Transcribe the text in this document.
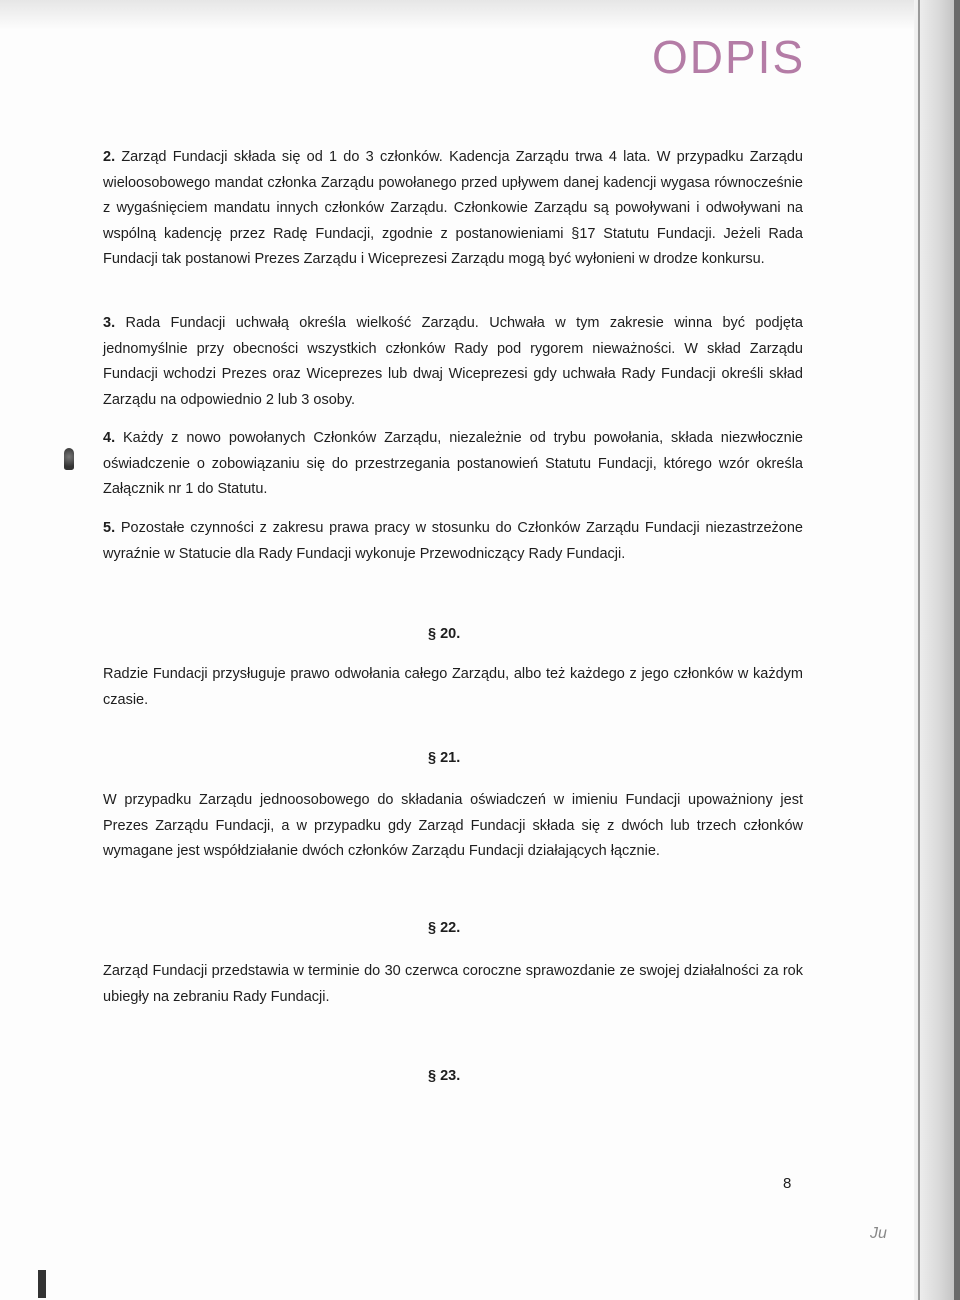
ODPIS

2. Zarząd Fundacji składa się od 1 do 3 członków. Kadencja Zarządu trwa 4 lata. W przypadku Zarządu wieloosobowego mandat członka Zarządu powołanego przed upływem danej kadencji wygasa równocześnie z wygaśnięciem mandatu innych członków Zarządu. Członkowie Zarządu są powoływani i odwoływani na wspólną kadencję przez Radę Fundacji, zgodnie z postanowieniami §17 Statutu Fundacji. Jeżeli Rada Fundacji tak postanowi Prezes Zarządu i Wiceprezesi Zarządu mogą być wyłonieni w drodze konkursu.

3. Rada Fundacji uchwałą określa wielkość Zarządu. Uchwała w tym zakresie winna być podjęta jednomyślnie przy obecności wszystkich członków Rady pod rygorem nieważności. W skład Zarządu Fundacji wchodzi Prezes oraz Wiceprezes lub dwaj Wiceprezesi gdy uchwała Rady Fundacji określi skład Zarządu na odpowiednio 2 lub 3 osoby.

4. Każdy z nowo powołanych Członków Zarządu, niezależnie od trybu powołania, składa niezwłocznie oświadczenie o zobowiązaniu się do przestrzegania postanowień Statutu Fundacji, którego wzór określa Załącznik nr 1 do Statutu.

5. Pozostałe czynności z zakresu prawa pracy w stosunku do Członków Zarządu Fundacji niezastrzeżone wyraźnie w Statucie dla Rady Fundacji wykonuje Przewodniczący Rady Fundacji.

§ 20.

Radzie Fundacji przysługuje prawo odwołania całego Zarządu, albo też każdego z jego członków w każdym czasie.

§ 21.

W przypadku Zarządu jednoosobowego do składania oświadczeń w imieniu Fundacji upoważniony jest Prezes Zarządu Fundacji, a w przypadku gdy Zarząd Fundacji składa się z dwóch lub trzech członków wymagane jest współdziałanie dwóch członków Zarządu Fundacji działających łącznie.

§ 22.

Zarząd Fundacji przedstawia w terminie do 30 czerwca coroczne sprawozdanie ze swojej działalności za rok ubiegły na zebraniu Rady Fundacji.

§ 23.

8
Ju
